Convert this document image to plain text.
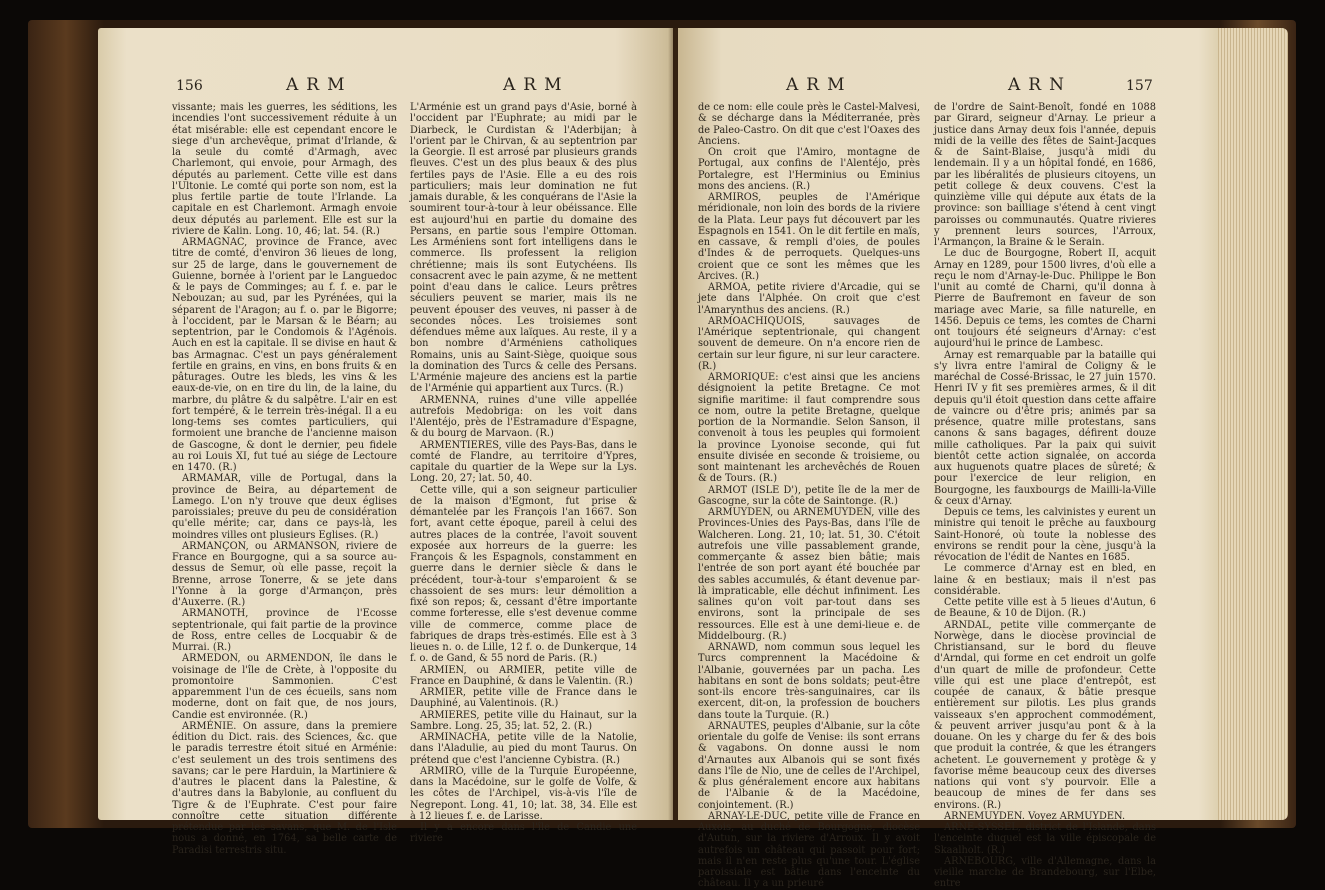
156	ARM	ARM

vissante; mais les guerres, les séditions, les incendies l'ont successivement réduite à un état misérable: elle est cependant encore le siege d'un archevêque, primat d'Irlande, & la seule du comté d'Armagh, avec Charlemont, qui envoie, pour Armagh, des députés au parlement. Cette ville est dans l'Ultonie. Le comté qui porte son nom, est la plus fertile partie de toute l'Irlande. La capitale en est Charlemont. Armagh envoie deux députés au parlement. Elle est sur la riviere de Kalin. Long. 10, 46; lat. 54. (R.)

ARMAGNAC, province de France, avec titre de comté, d'environ 36 lieues de long, sur 25 de large, dans le gouvernement de Guienne, bornée à l'orient par le Languedoc & le pays de Comminges; au f. f. e. par le Nebouzan; au sud, par les Pyrénées, qui la séparent de l'Aragon; au f. o. par le Bigorre; à l'occident, par le Marsan & le Béarn; au septentrion, par le Condomois & l'Agénois. Auch en est la capitale. Il se divise en haut & bas Armagnac. C'est un pays généralement fertile en grains, en vins, en bons fruits & en pâturages. Outre les bleds, les vins & les eaux-de-vie, on en tire du lin, de la laine, du marbre, du plâtre & du salpêtre. L'air en est fort tempéré, & le terrein très-inégal. Il a eu long-tems ses comtes particuliers, qui formoient une branche de l'ancienne maison de Gascogne, & dont le dernier, peu fidele au roi Louis XI, fut tué au siége de Lectoure en 1470. (R.)

ARMAMAR, ville de Portugal, dans la province de Beira, au département de Lamego. L'on n'y trouve que deux églises paroissiales; preuve du peu de considération qu'elle mérite; car, dans ce pays-là, les moindres villes ont plusieurs Eglises. (R.)

ARMANÇON, ou ARMANSON, riviere de France en Bourgogne, qui a sa source au-dessus de Semur, où elle passe, reçoit la Brenne, arrose Tonerre, & se jete dans l'Yonne à la gorge d'Armançon, près d'Auxerre. (R.)

ARMANOTH, province de l'Ecosse septentrionale, qui fait partie de la province de Ross, entre celles de Locquabir & de Murrai. (R.)

ARMEDON, ou ARMENDON, île dans le voisinage de l'île de Crète, à l'opposite du promontoire Sammonien. C'est apparemment l'un de ces écueils, sans nom moderne, dont on fait que, de nos jours, Candie est environnée. (R.)

ARMÉNIE. On assure, dans la premiere édition du Dict. rais. des Sciences, &c. que le paradis terrestre étoit situé en Arménie: c'est seulement un des trois sentimens des savans; car le pere Harduin, la Martiniere & d'autres le placent dans la Palestine, & d'autres dans la Babylonie, au confluent du Tigre & de l'Euphrate. C'est pour faire connoître cette situation différente prétendue par les savans, que M. de l'Isle nous a donné, en 1764, sa belle carte de Paradisi terrestris situ.

L'Arménie est un grand pays d'Asie, borné à l'occident par l'Euphrate; au midi par le Diarbeck, le Curdistan & l'Aderbijan; à l'orient par le Chirvan, & au septentrion par la Georgie. Il est arrosé par plusieurs grands fleuves. C'est un des plus beaux & des plus fertiles pays de l'Asie. Elle a eu des rois particuliers; mais leur domination ne fut jamais durable, & les conquérans de l'Asie la soumirent tour-à-tour à leur obéissance. Elle est aujourd'hui en partie du domaine des Persans, en partie sous l'empire Ottoman. Les Arméniens sont fort intelligens dans le commerce. Ils professent la religion chrétienne; mais ils sont Eutychéens. Ils consacrent avec le pain azyme, & ne mettent point d'eau dans le calice. Leurs prêtres séculiers peuvent se marier, mais ils ne peuvent épouser des veuves, ni passer à de secondes nôces. Les troisiemes sont défendues même aux laïques. Au reste, il y a bon nombre d'Arméniens catholiques Romains, unis au Saint-Siège, quoique sous la domination des Turcs & celle des Persans. L'Arménie majeure des anciens est la partie de l'Arménie qui appartient aux Turcs. (R.)

ARMENNA, ruines d'une ville appellée autrefois Medobriga: on les voit dans l'Alentéjo, près de l'Estramadure d'Espagne, & du bourg de Marvaon. (R.)

ARMENTIERES, ville des Pays-Bas, dans le comté de Flandre, au territoire d'Ypres, capitale du quartier de la Wepe sur la Lys. Long. 20, 27; lat. 50, 40.

Cette ville, qui a son seigneur particulier de la maison d'Egmont, fut prise & démantelée par les François l'an 1667. Son fort, avant cette époque, pareil à celui des autres places de la contrée, l'avoit souvent exposée aux horreurs de la guerre: les François & les Espagnols, constamment en guerre dans le dernier siècle & dans le précédent, tour-à-tour s'emparoient & se chassoient de ses murs: leur démolition a fixé son repos; &, cessant d'être importante comme forteresse, elle s'est devenue comme ville de commerce, comme place de fabriques de draps très-estimés. Elle est à 3 lieues n. o. de Lille, 12 f. o. de Dunkerque, 14 f. o. de Gand, & 55 nord de Paris. (R.)

ARMIEN, ou ARMIER, petite ville de France en Dauphiné, & dans le Valentin. (R.)

ARMIER, petite ville de France dans le Dauphiné, au Valentinois. (R.)

ARMIERES, petite ville du Hainaut, sur la Sambre. Long. 25, 35; lat. 52, 2. (R.)

ARMINACHA, petite ville de la Natolie, dans l'Aladulie, au pied du mont Taurus. On prétend que c'est l'ancienne Cybistra. (R.)

ARMIRO, ville de la Turquie Européenne, dans la Macédoine, sur le golfe de Volfe, & les côtes de l'Archipel, vis-à-vis l'île de Negrepont. Long. 41, 10; lat. 38, 34. Elle est à 12 lieues f. e. de Larisse.

Il y a encore dans l'île de Candie une riviere

ARM	ARN	157

de ce nom: elle coule près le Castel-Malvesi, & se décharge dans la Méditerranée, près de Paleo-Castro. On dit que c'est l'Oaxes des Anciens.

On croit que l'Amiro, montagne de Portugal, aux confins de l'Alentéjo, près Portalegre, est l'Herminius ou Eminius mons des anciens. (R.)

ARMIROS, peuples de l'Amérique méridionale, non loin des bords de la riviere de la Plata. Leur pays fut découvert par les Espagnols en 1541. On le dit fertile en maïs, en cassave, & rempli d'oies, de poules d'Indes & de perroquets. Quelques-uns croient que ce sont les mêmes que les Arcives. (R.)

ARMOA, petite riviere d'Arcadie, qui se jete dans l'Alphée. On croit que c'est l'Amarynthus des anciens. (R.)

ARMOACHIQUOIS, sauvages de l'Amérique septentrionale, qui changent souvent de demeure. On n'a encore rien de certain sur leur figure, ni sur leur caractere. (R.)

ARMORIQUE: c'est ainsi que les anciens désignoient la petite Bretagne. Ce mot signifie maritime: il faut comprendre sous ce nom, outre la petite Bretagne, quelque portion de la Normandie. Selon Sanson, il convenoit à tous les peuples qui formoient la province Lyonoise seconde, qui fut ensuite divisée en seconde & troisieme, ou sont maintenant les archevêchés de Rouen & de Tours. (R.)

ARMOT (ISLE D'), petite île de la mer de Gascogne, sur la côte de Saintonge. (R.)

ARMUYDEN, ou ARNEMUYDEN, ville des Provinces-Unies des Pays-Bas, dans l'île de Walcheren. Long. 21, 10; lat. 51, 30. C'étoit autrefois une ville passablement grande, commerçante & assez bien bâtie; mais l'entrée de son port ayant été bouchée par des sables accumulés, & étant devenue par-là impraticable, elle déchut infiniment. Les salines qu'on voit par-tout dans ses environs, sont la principale de ses ressources. Elle est à une demi-lieue e. de Middelbourg. (R.)

ARNAWD, nom commun sous lequel les Turcs comprennent la Macédoine & l'Albanie, gouvernées par un pacha. Les habitans en sont de bons soldats; peut-être sont-ils encore très-sanguinaires, car ils exercent, dit-on, la profession de bouchers dans toute la Turquie. (R.)

ARNAUTES, peuples d'Albanie, sur la côte orientale du golfe de Venise: ils sont errans & vagabons. On donne aussi le nom d'Arnautes aux Albanois qui se sont fixés dans l'île de Nio, une de celles de l'Archipel, & plus généralement encore aux habitans de l'Albanie & de la Macédoine, conjointement. (R.)

ARNAY-LE-DUC, petite ville de France en Auxois, au duché de Bourgogne, diocèse d'Autun, sur la riviere d'Arroux. Il y avoit autrefois un château qui passoit pour fort; mais il n'en reste plus qu'une tour. L'église paroissiale est bâtie dans l'enceinte du château. Il y a un prieuré

de l'ordre de Saint-Benoît, fondé en 1088 par Girard, seigneur d'Arnay. Le prieur a justice dans Arnay deux fois l'année, depuis midi de la veille des fêtes de Saint-Jacques & de Saint-Blaise, jusqu'à midi du lendemain. Il y a un hôpital fondé, en 1686, par les libéralités de plusieurs citoyens, un petit college & deux couvens. C'est la quinzième ville qui députe aux états de la province: son bailliage s'étend à cent vingt paroisses ou communautés. Quatre rivieres y prennent leurs sources, l'Arroux, l'Armançon, la Braine & le Serain.

Le duc de Bourgogne, Robert II, acquit Arnay en 1289, pour 1500 livres, d'où elle a reçu le nom d'Arnay-le-Duc. Philippe le Bon l'unit au comté de Charni, qu'il donna à Pierre de Baufremont en faveur de son mariage avec Marie, sa fille naturelle, en 1456. Depuis ce tems, les comtes de Charni ont toujours été seigneurs d'Arnay: c'est aujourd'hui le prince de Lambesc.

Arnay est remarquable par la bataille qui s'y livra entre l'amiral de Coligny & le maréchal de Cossé-Brissac, le 27 juin 1570. Henri IV y fit ses premières armes, & il dit depuis qu'il étoit question dans cette affaire de vaincre ou d'être pris; animés par sa présence, quatre mille protestans, sans canons & sans bagages, défirent douze mille catholiques. Par la paix qui suivit bientôt cette action signalée, on accorda aux huguenots quatre places de sûreté; & pour l'exercice de leur religion, en Bourgogne, les fauxbourgs de Mailli-la-Ville & ceux d'Arnay.

Depuis ce tems, les calvinistes y eurent un ministre qui tenoit le prêche au fauxbourg Saint-Honoré, où toute la noblesse des environs se rendit pour la cène, jusqu'à la révocation de l'édit de Nantes en 1685.

Le commerce d'Arnay est en bled, en laine & en bestiaux; mais il n'est pas considérable.

Cette petite ville est à 5 lieues d'Autun, 6 de Beaune, & 10 de Dijon. (R.)

ARNDAL, petite ville commerçante de Norwège, dans le diocèse provincial de Christiansand, sur le bord du fleuve d'Arndal, qui forme en cet endroit un golfe d'un quart de mille de profondeur. Cette ville qui est une place d'entrepôt, est coupée de canaux, & bâtie presque entièrement sur pilotis. Les plus grands vaisseaux s'en approchent commodément, & peuvent arriver jusqu'au pont & à la douane. On les y charge du fer & des bois que produit la contrée, & que les étrangers achetent. Le gouvernement y protège & y favorise même beaucoup ceux des diverses nations qui vont s'y pourvoir. Elle a beaucoup de mines de fer dans ses environs. (R.)

ARNEMUYDEN. Voyez ARMUYDEN.

ARNE-SYSSEL, district de l'Islande, dans l'enceinte duquel est la ville épiscopale de Skaalholt. (R.)

ARNEBOURG, ville d'Allemagne, dans la vieille marche de Brandebourg, sur l'Elbe, entre
